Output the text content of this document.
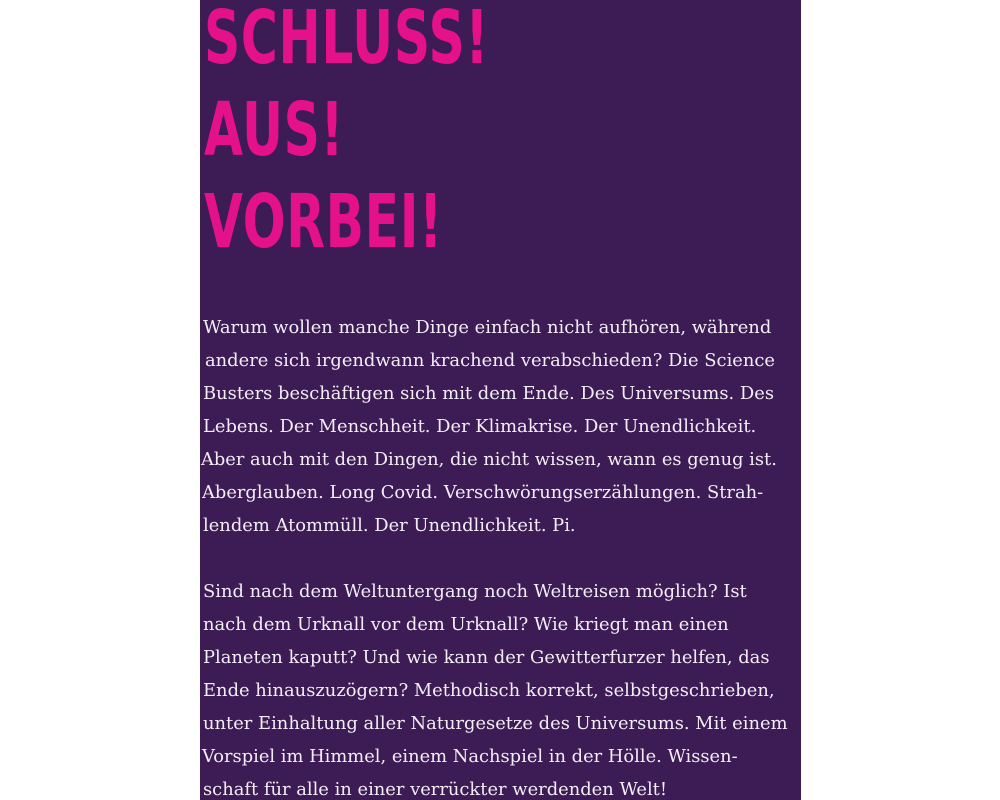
SCHLUSS!
AUS!
VORBEI!
Warum wollen manche Dinge einfach nicht aufhören, während
andere sich irgendwann krachend verabschieden? Die Science
Busters beschäftigen sich mit dem Ende. Des Universums. Des
Lebens. Der Menschheit. Der Klimakrise. Der Unendlichkeit.
Aber auch mit den Dingen, die nicht wissen, wann es genug ist.
Aberglauben. Long Covid. Verschwörungserzählungen. Strah-
lendem Atommüll. Der Unendlichkeit. Pi.
Sind nach dem Weltuntergang noch Weltreisen möglich? Ist
nach dem Urknall vor dem Urknall? Wie kriegt man einen
Planeten kaputt? Und wie kann der Gewitterfurzer helfen, das
Ende hinauszuzögern? Methodisch korrekt, selbstgeschrieben,
unter Einhaltung aller Naturgesetze des Universums. Mit einem
Vorspiel im Himmel, einem Nachspiel in der Hölle. Wissen-
schaft für alle in einer verrückter werdenden Welt!
